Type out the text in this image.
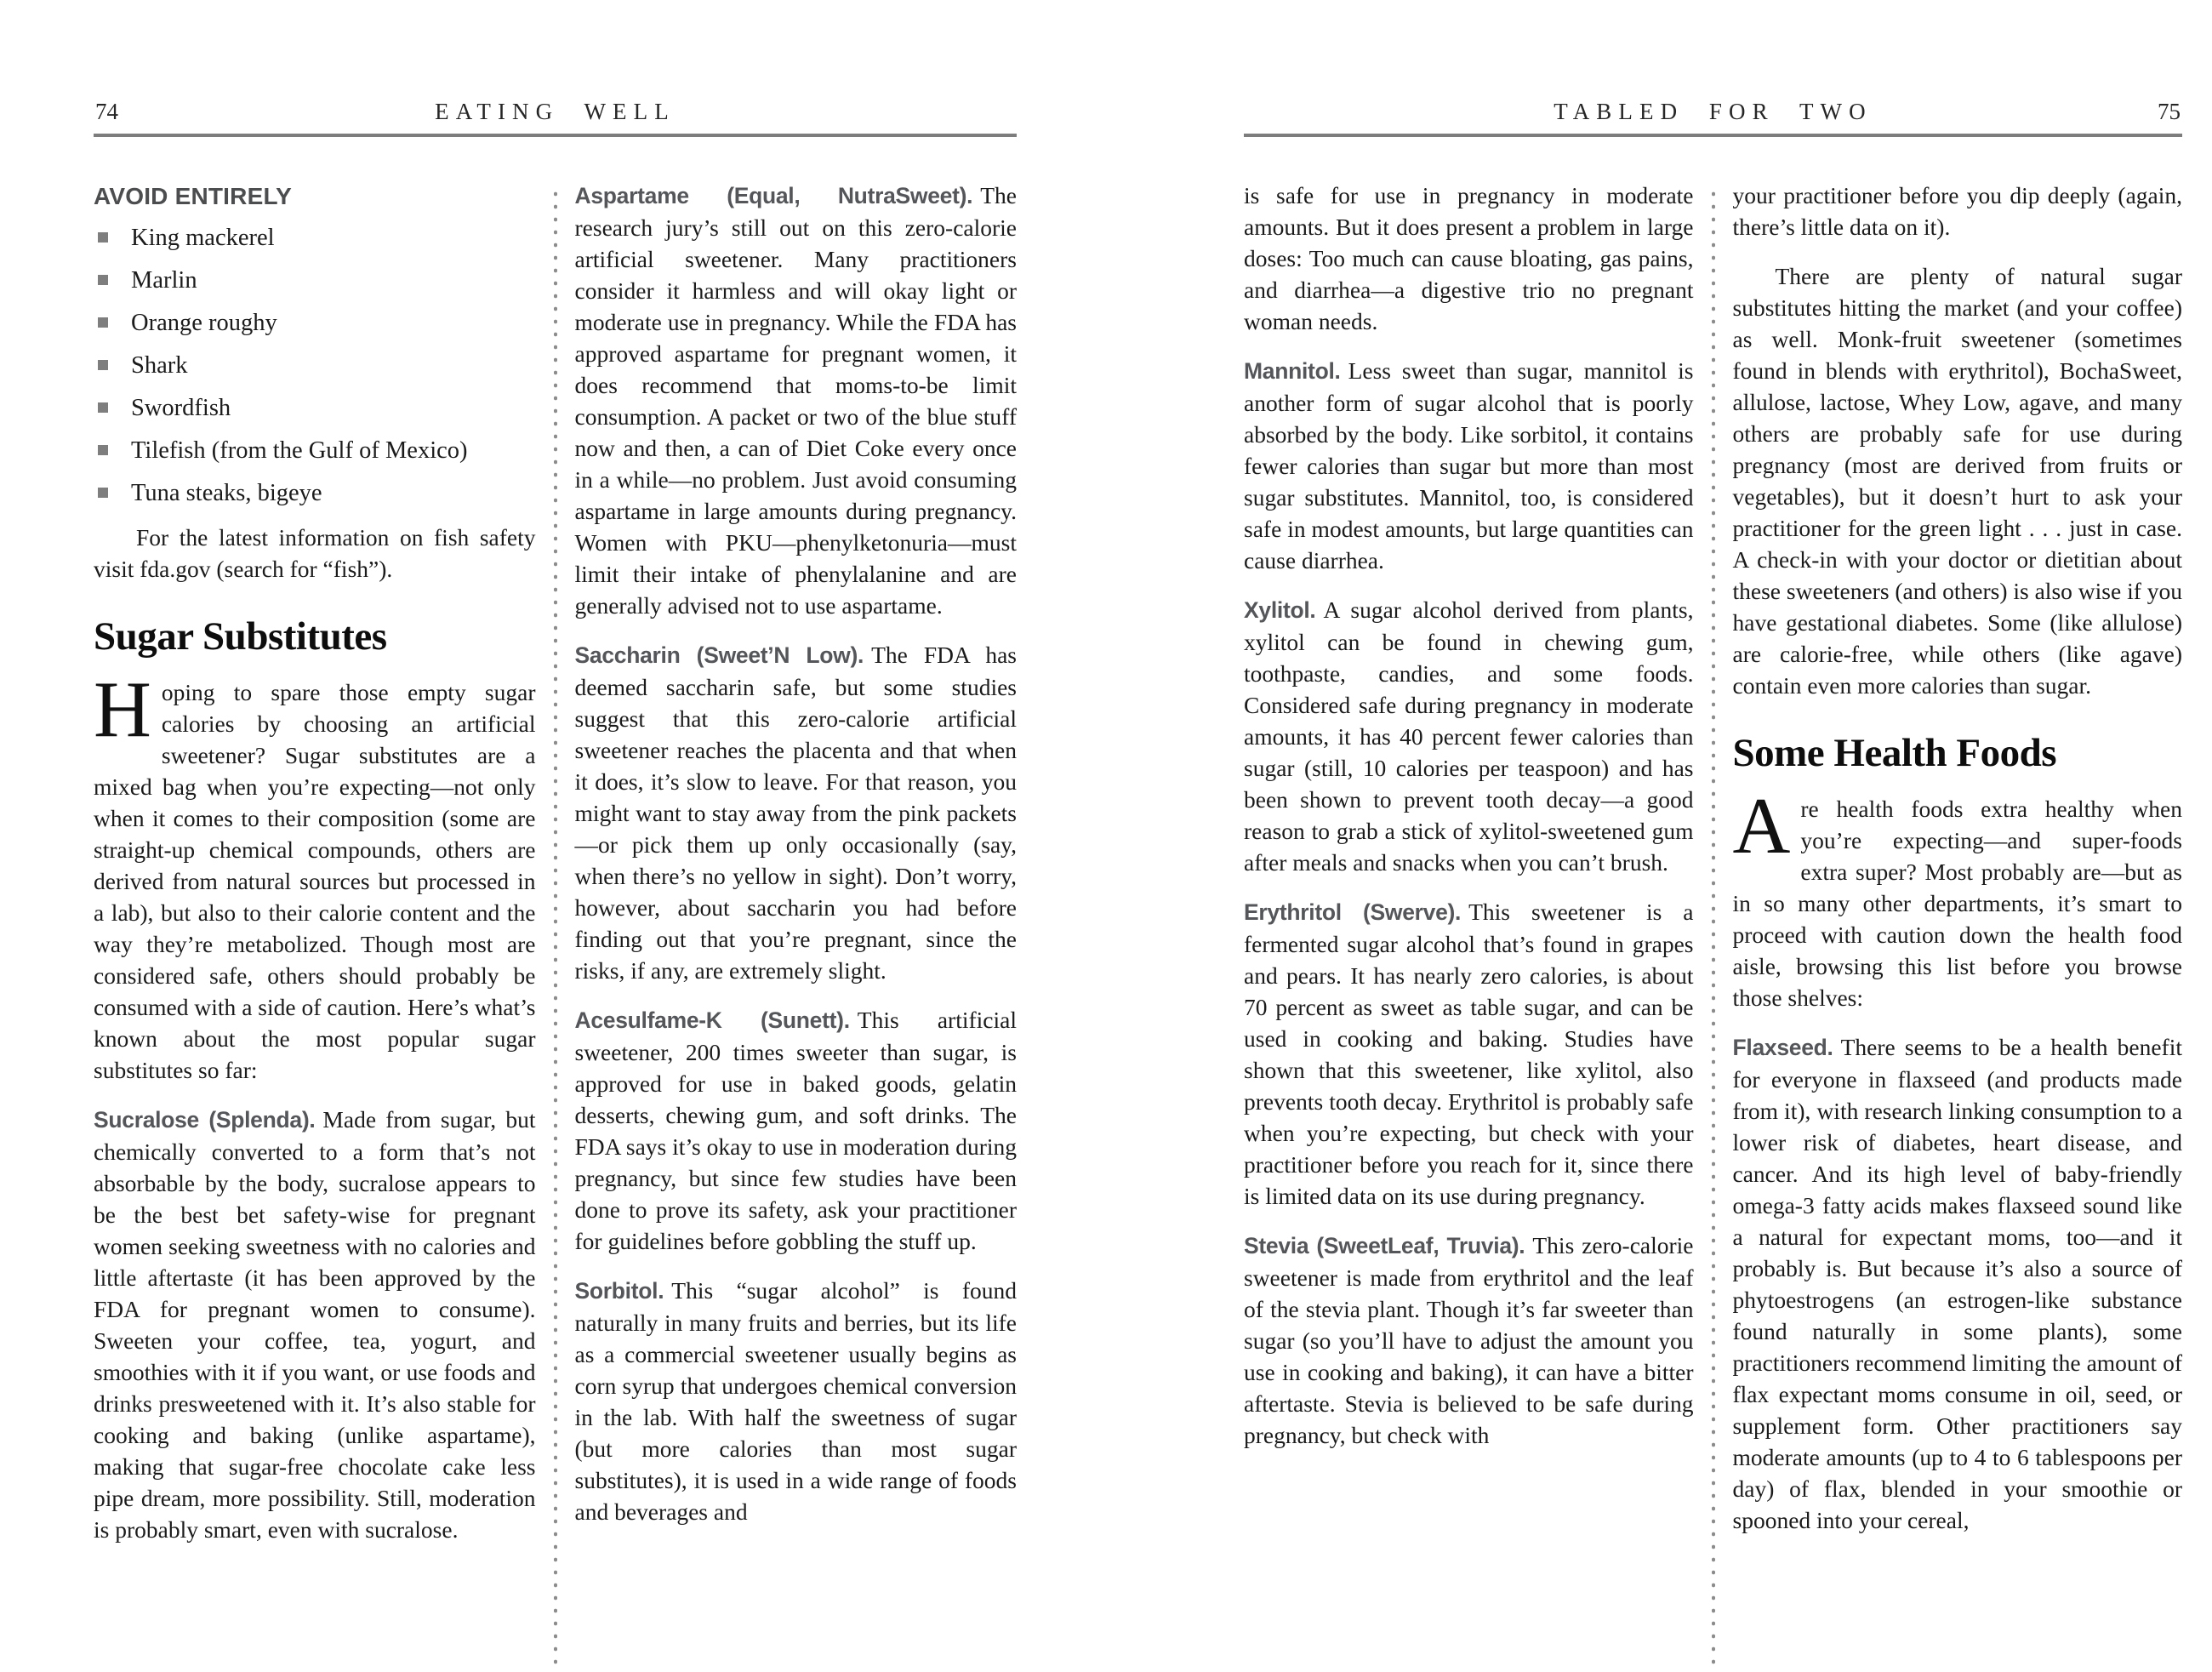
74	EATING WELL
AVOID ENTIRELY
King mackerel
Marlin
Orange roughy
Shark
Swordfish
Tilefish (from the Gulf of Mexico)
Tuna steaks, bigeye

For the latest information on fish safety visit fda.gov (search for “fish”).

Sugar Substitutes

Hoping to spare those empty sugar calories by choosing an artificial sweetener? Sugar substitutes are a mixed bag when you’re expecting—not only when it comes to their composition (some are straight-up chemical compounds, others are derived from natural sources but processed in a lab), but also to their calorie content and the way they’re metabolized. Though most are considered safe, others should probably be consumed with a side of caution. Here’s what’s known about the most popular sugar substitutes so far:

Sucralose (Splenda). Made from sugar, but chemically converted to a form that’s not absorbable by the body, sucralose appears to be the best bet safety-wise for pregnant women seeking sweetness with no calories and little aftertaste (it has been approved by the FDA for pregnant women to consume). Sweeten your coffee, tea, yogurt, and smoothies with it if you want, or use foods and drinks presweetened with it. It’s also stable for cooking and baking (unlike aspartame), making that sugar-free chocolate cake less pipe dream, more possibility. Still, moderation is probably smart, even with sucralose.

Aspartame (Equal, NutraSweet). The research jury’s still out on this zero-calorie artificial sweetener. Many practitioners consider it harmless and will okay light or moderate use in pregnancy. While the FDA has approved aspartame for pregnant women, it does recommend that moms-to-be limit consumption. A packet or two of the blue stuff now and then, a can of Diet Coke every once in a while—no problem. Just avoid consuming aspartame in large amounts during pregnancy. Women with PKU—phenylketonuria—must limit their intake of phenylalanine and are generally advised not to use aspartame.

Saccharin (Sweet’N Low). The FDA has deemed saccharin safe, but some studies suggest that this zero-calorie artificial sweetener reaches the placenta and that when it does, it’s slow to leave. For that reason, you might want to stay away from the pink packets—or pick them up only occasionally (say, when there’s no yellow in sight). Don’t worry, however, about saccharin you had before finding out that you’re pregnant, since the risks, if any, are extremely slight.

Acesulfame-K (Sunett). This artificial sweetener, 200 times sweeter than sugar, is approved for use in baked goods, gelatin desserts, chewing gum, and soft drinks. The FDA says it’s okay to use in moderation during pregnancy, but since few studies have been done to prove its safety, ask your practitioner for guidelines before gobbling the stuff up.

Sorbitol. This “sugar alcohol” is found naturally in many fruits and berries, but its life as a commercial sweetener usually begins as corn syrup that undergoes chemical conversion in the lab. With half the sweetness of sugar (but more calories than most sugar substitutes), it is used in a wide range of foods and beverages and

TABLED FOR TWO	75

is safe for use in pregnancy in moderate amounts. But it does present a problem in large doses: Too much can cause bloating, gas pains, and diarrhea—a digestive trio no pregnant woman needs.

Mannitol. Less sweet than sugar, mannitol is another form of sugar alcohol that is poorly absorbed by the body. Like sorbitol, it contains fewer calories than sugar but more than most sugar substitutes. Mannitol, too, is considered safe in modest amounts, but large quantities can cause diarrhea.

Xylitol. A sugar alcohol derived from plants, xylitol can be found in chewing gum, toothpaste, candies, and some foods. Considered safe during pregnancy in moderate amounts, it has 40 percent fewer calories than sugar (still, 10 calories per teaspoon) and has been shown to prevent tooth decay—a good reason to grab a stick of xylitol-sweetened gum after meals and snacks when you can’t brush.

Erythritol (Swerve). This sweetener is a fermented sugar alcohol that’s found in grapes and pears. It has nearly zero calories, is about 70 percent as sweet as table sugar, and can be used in cooking and baking. Studies have shown that this sweetener, like xylitol, also prevents tooth decay. Erythritol is probably safe when you’re expecting, but check with your practitioner before you reach for it, since there is limited data on its use during pregnancy.

Stevia (SweetLeaf, Truvia). This zero-calorie sweetener is made from erythritol and the leaf of the stevia plant. Though it’s far sweeter than sugar (so you’ll have to adjust the amount you use in cooking and baking), it can have a bitter aftertaste. Stevia is believed to be safe during pregnancy, but check with

your practitioner before you dip deeply (again, there’s little data on it).

There are plenty of natural sugar substitutes hitting the market (and your coffee) as well. Monk-fruit sweetener (sometimes found in blends with erythritol), BochaSweet, allulose, lactose, Whey Low, agave, and many others are probably safe for use during pregnancy (most are derived from fruits or vegetables), but it doesn’t hurt to ask your practitioner for the green light . . . just in case. A check-in with your doctor or dietitian about these sweeteners (and others) is also wise if you have gestational diabetes. Some (like allulose) are calorie-free, while others (like agave) contain even more calories than sugar.

Some Health Foods

Are health foods extra healthy when you’re expecting—and super-foods extra super? Most probably are—but as in so many other departments, it’s smart to proceed with caution down the health food aisle, browsing this list before you browse those shelves:

Flaxseed. There seems to be a health benefit for everyone in flaxseed (and products made from it), with research linking consumption to a lower risk of diabetes, heart disease, and cancer. And its high level of baby-friendly omega-3 fatty acids makes flaxseed sound like a natural for expectant moms, too—and it probably is. But because it’s also a source of phytoestrogens (an estrogen-like substance found naturally in some plants), some practitioners recommend limiting the amount of flax expectant moms consume in oil, seed, or supplement form. Other practitioners say moderate amounts (up to 4 to 6 tablespoons per day) of flax, blended in your smoothie or spooned into your cereal,
